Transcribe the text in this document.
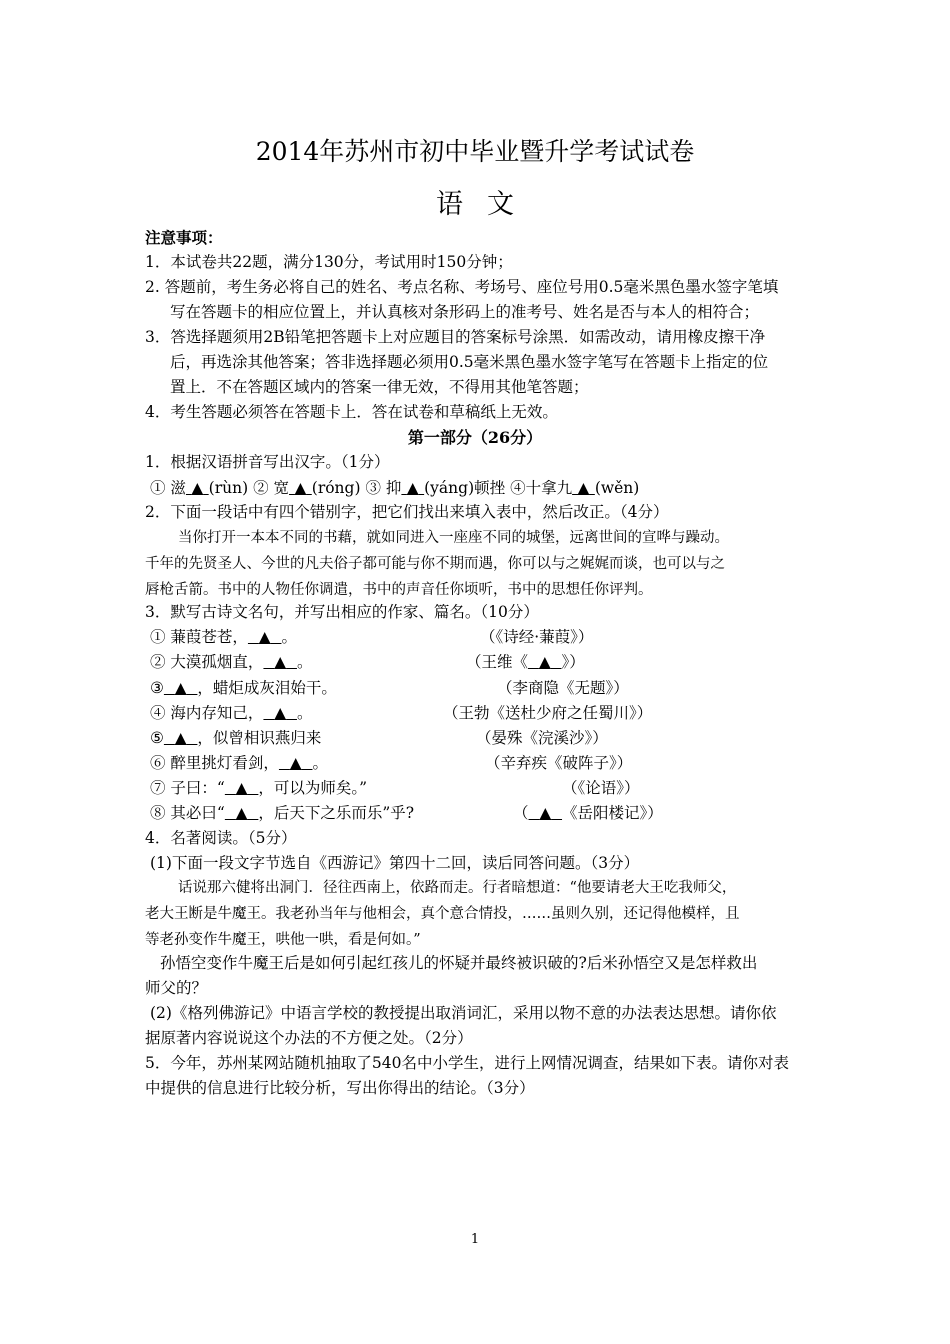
2014年苏州市初中毕业暨升学考试试卷
语文
注意事项：
1．本试卷共22题，满分130分，考试用时150分钟；
2. 答题前，考生务必将自己的姓名、考点名称、考场号、座位号用0.5毫米黑色墨水签字笔填
写在答题卡的相应位置上，并认真核对条形码上的准考号、姓名是否与本人的相符合；
3．答选择题须用2B铅笔把答题卡上对应题目的答案标号涂黑．如需改动，请用橡皮擦干净
后，再选涂其他答案；答非选择题必须用0.5毫米黑色墨水签字笔写在答题卡上指定的位
置上．不在答题区域内的答案一律无效，不得用其他笔答题；
4．考生答题必须答在答题卡上．答在试卷和草稿纸上无效。
第一部分（26分）
1．根据汉语拼音写出汉字。（1分）
① 滋 ▲ (rùn) ② 宽 ▲ (róng) ③ 抑 ▲ (yáng)顿挫 ④十拿九 ▲ (wěn)
2．下面一段话中有四个错别字，把它们找出来填入表中，然后改正。（4分）
当你打开一本本不同的书藉，就如同进入一座座不同的城堡，远离世间的宣哗与躁动。
千年的先贤圣人、今世的凡夫俗子都可能与你不期而遇，你可以与之娓娓而谈，也可以与之
唇枪舌箭。书中的人物任你调遣，书中的声音任你顷听，书中的思想任你评判。
3．默写古诗文名句，并写出相应的作家、篇名。（10分）
① 蒹葭苍苍， ▲ 。	（《诗经·蒹葭》）
② 大漠孤烟直， ▲ 。	（王维《 ▲ 》）
③ ▲ ，蜡炬成灰泪始干。	（李商隐《无题》）
④ 海内存知己， ▲ 。	（王勃《送杜少府之任蜀川》）
⑤ ▲ ，似曾相识燕归来	（晏殊《浣溪沙》）
⑥ 醉里挑灯看剑， ▲ 。	（辛弃疾《破阵子》）
⑦ 子曰：“ ▲ ，可以为师矣。”	（《论语》）
⑧ 其必曰“ ▲ ，后天下之乐而乐”乎?	（ ▲ 《岳阳楼记》）
4．名著阅读。（5分）
(1)下面一段文字节选自《西游记》第四十二回，读后同答问题。（3分）
话说那六健将出洞门．径往西南上，依路而走。行者暗想道：“他要请老大王吃我师父，
老大王断是牛魔王。我老孙当年与他相会，真个意合情投，……虽则久别，还记得他模样，且
等老孙变作牛魔王，哄他一哄，看是何如。”
孙悟空变作牛魔王后是如何引起红孩儿的怀疑并最终被识破的?后米孙悟空又是怎样救出
师父的？
(2)《格列佛游记》中语言学校的教授提出取消词汇，采用以物不意的办法表达思想。请你依
据原著内容说说这个办法的不方便之处。（2分）
5．今年，苏州某网站随机抽取了540名中小学生，进行上网情况调查，结果如下表。请你对表
中提供的信息进行比较分析，写出你得出的结论。（3分）
1
